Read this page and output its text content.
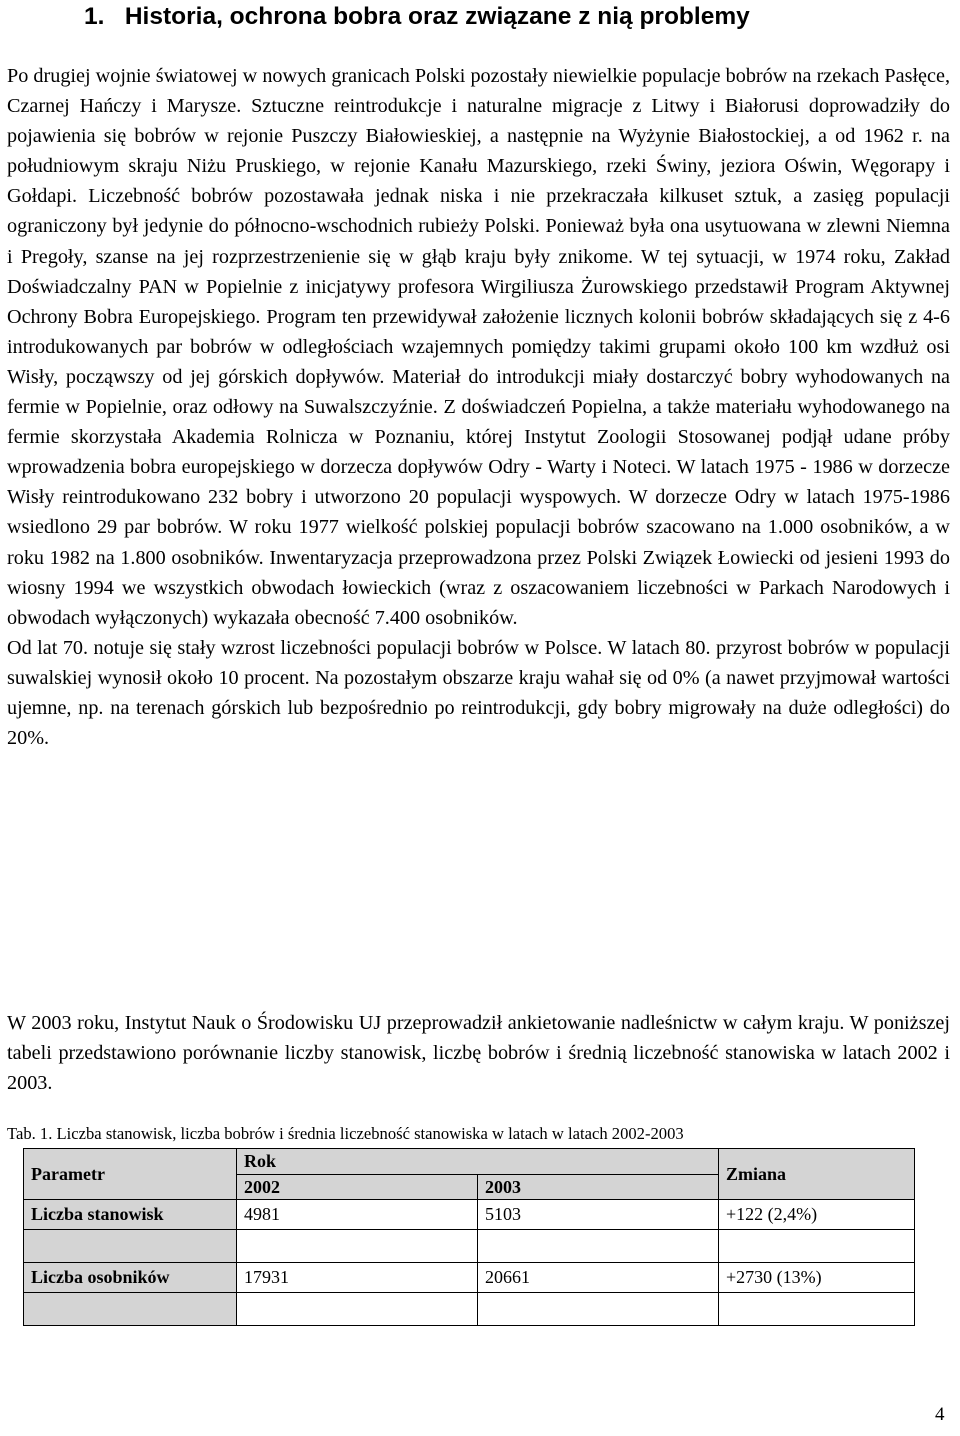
1.   Historia, ochrona bobra oraz związane z nią problemy

Po drugiej wojnie światowej w nowych granicach Polski pozostały niewielkie populacje bobrów na rzekach Pasłęce, Czarnej Hańczy i Marysze. Sztuczne reintrodukcje i naturalne migracje z Litwy i Białorusi doprowadziły do pojawienia się bobrów w rejonie Puszczy Białowieskiej, a następnie na Wyżynie Białostockiej, a od 1962 r. na południowym skraju Niżu Pruskiego, w rejonie Kanału Mazurskiego, rzeki Świny, jeziora Oświn, Węgorapy i Gołdapi. Liczebność bobrów pozostawała jednak niska i nie przekraczała kilkuset sztuk, a zasięg populacji ograniczony był jedynie do północno-wschodnich rubieży Polski. Ponieważ była ona usytuowana w zlewni Niemna i Pregoły, szanse na jej rozprzestrzenienie się w głąb kraju były znikome. W tej sytuacji, w 1974 roku, Zakład Doświadczalny PAN w Popielnie z inicjatywy profesora Wirgiliusza Żurowskiego przedstawił Program Aktywnej Ochrony Bobra Europejskiego. Program ten przewidywał założenie licznych kolonii bobrów składających się z 4-6 introdukowanych par bobrów w odległościach wzajemnych pomiędzy takimi grupami około 100 km wzdłuż osi Wisły, począwszy od jej górskich dopływów. Materiał do introdukcji miały dostarczyć bobry wyhodowanych na fermie w Popielnie, oraz odłowy na Suwalszczyźnie. Z doświadczeń Popielna, a także materiału wyhodowanego na fermie skorzystała Akademia Rolnicza w Poznaniu, której Instytut Zoologii Stosowanej podjął udane próby wprowadzenia bobra europejskiego w dorzecza dopływów Odry - Warty i Noteci. W latach 1975 - 1986 w dorzecze Wisły reintrodukowano 232 bobry i utworzono 20 populacji wyspowych. W dorzecze Odry w latach 1975-1986 wsiedlono 29 par bobrów. W roku 1977 wielkość polskiej populacji bobrów szacowano na 1.000 osobników, a w roku 1982 na 1.800 osobników. Inwentaryzacja przeprowadzona przez Polski Związek Łowiecki od jesieni 1993 do wiosny 1994 we wszystkich obwodach łowieckich (wraz z oszacowaniem liczebności w Parkach Narodowych i obwodach wyłączonych) wykazała obecność 7.400 osobników.

Od lat 70. notuje się stały wzrost liczebności populacji bobrów w Polsce. W latach 80. przyrost bobrów w populacji suwalskiej wynosił około 10 procent. Na pozostałym obszarze kraju wahał się od 0% (a nawet przyjmował wartości ujemne, np. na terenach górskich lub bezpośrednio po reintrodukcji, gdy bobry migrowały na duże odległości) do 20%.

W 2003 roku, Instytut Nauk o Środowisku UJ przeprowadził ankietowanie nadleśnictw w całym kraju. W poniższej tabeli przedstawiono porównanie liczby stanowisk, liczbę bobrów i średnią liczebność stanowiska w latach 2002 i 2003.

Tab. 1. Liczba stanowisk, liczba bobrów i średnia liczebność stanowiska w latach w latach 2002-2003

Parametr	Rok		Zmiana
	2002	2003	
Liczba stanowisk	4981	5103	+122 (2,4%)

Liczba osobników	17931	20661	+2730 (13%)

4
